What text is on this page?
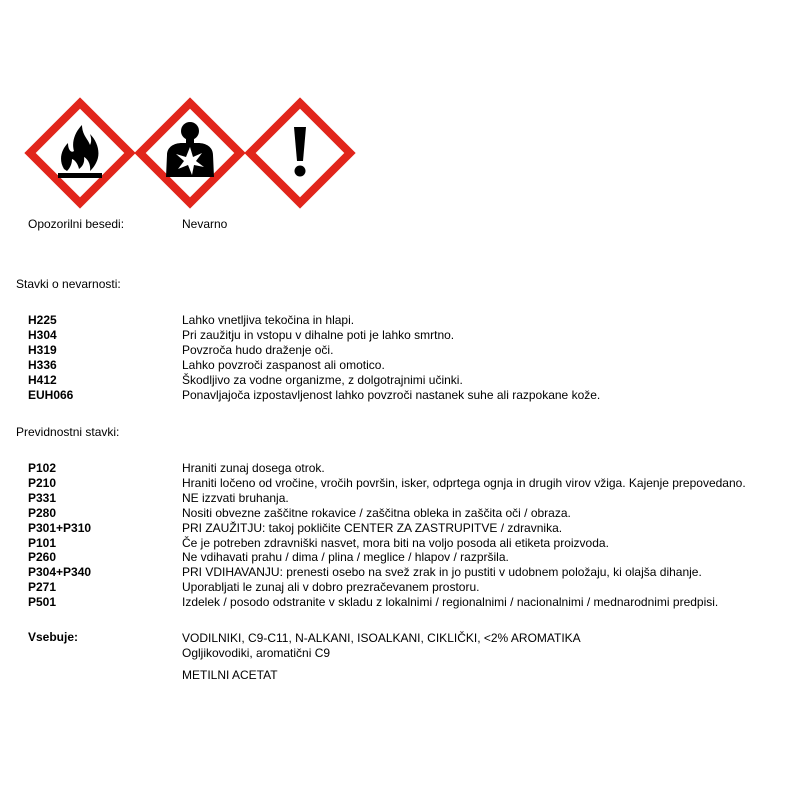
Opozorilni besedi:	Nevarno
Stavki o nevarnosti:
H225	Lahko vnetljiva tekočina in hlapi.
H304	Pri zaužitju in vstopu v dihalne poti je lahko smrtno.
H319	Povzroča hudo draženje oči.
H336	Lahko povzroči zaspanost ali omotico.
H412	Škodljivo za vodne organizme, z dolgotrajnimi učinki.
EUH066	Ponavljajoča izpostavljenost lahko povzroči nastanek suhe ali razpokane kože.
Previdnostni stavki:
P102	Hraniti zunaj dosega otrok.
P210	Hraniti ločeno od vročine, vročih površin, isker, odprtega ognja in drugih virov vžiga. Kajenje prepovedano.
P331	NE izzvati bruhanja.
P280	Nositi obvezne zaščitne rokavice / zaščitna obleka in zaščita oči / obraza.
P301+P310	PRI ZAUŽITJU: takoj pokličite CENTER ZA ZASTRUPITVE / zdravnika.
P101	Če je potreben zdravniški nasvet, mora biti na voljo posoda ali etiketa proizvoda.
P260	Ne vdihavati prahu / dima / plina / meglice / hlapov / razpršila.
P304+P340	PRI VDIHAVANJU: prenesti osebo na svež zrak in jo pustiti v udobnem položaju, ki olajša dihanje.
P271	Uporabljati le zunaj ali v dobro prezračevanem prostoru.
P501	Izdelek / posodo odstranite v skladu z lokalnimi / regionalnimi / nacionalnimi / mednarodnimi predpisi.
Vsebuje:	VODILNIKI, C9-C11, N-ALKANI, ISOALKANI, CIKLIČKI, <2% AROMATIKA
Ogljikovodiki, aromatični C9
METILNI ACETAT
